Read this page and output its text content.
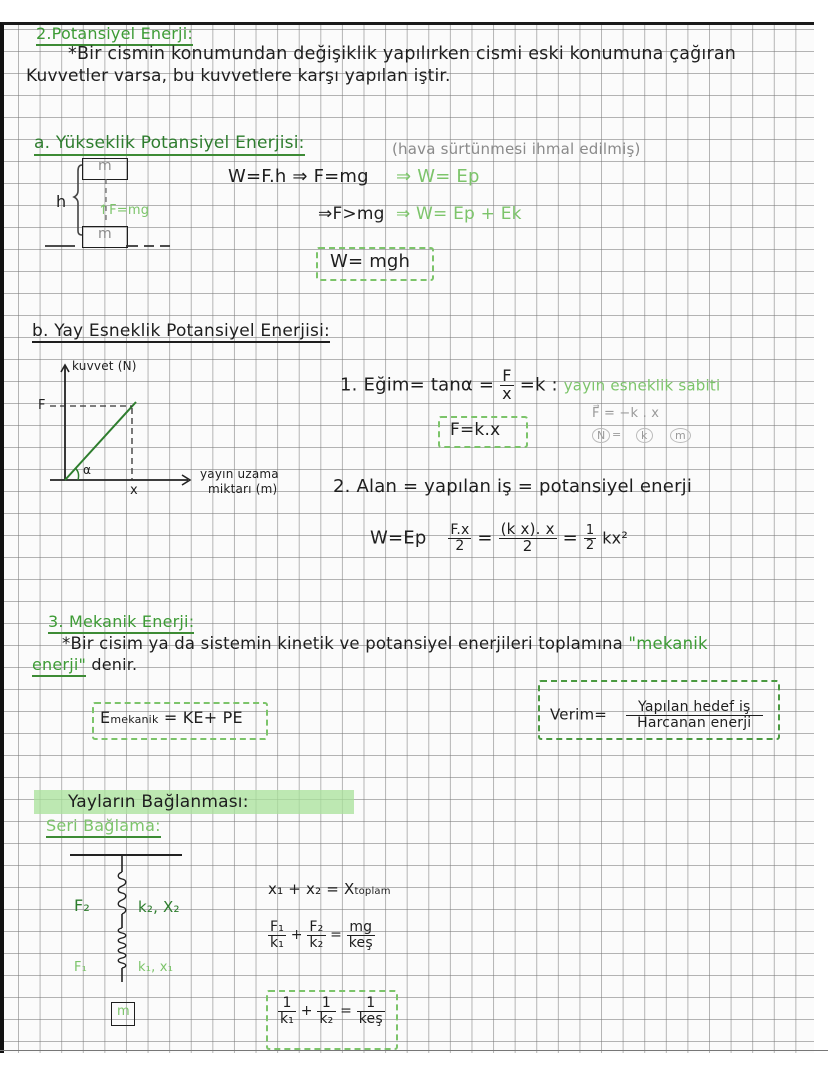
2.Potansiyel Enerji:
*Bir cismin konumundan değişiklik yapılırken cismi eski konumuna çağıran
Kuvvetler varsa, bu kuvvetlere karşı yapılan iştir.
a. Yükseklik Potansiyel Enerjisi:	(hava sürtünmesi ihmal edilmiş)
m
m
h ↑F=mg
W=F.h ⇒ F=mg ⇒ W= Ep
⇒F>mg ⇒ W= Ep + Ek
W= mgh
b. Yay Esneklik Potansiyel Enerjisi:
kuvvet (N)
F
x
α	yayın uzama
miktarı (m)
1. Eğim= $\tan\alpha = \frac{F}{x} =k$ : yayın esneklik sabiti
F=k.x
F⃗ = −k . x
N =	k	m
2. Alan = yapılan iş = potansiyel enerji
$W=Ep \frac{F.x}{2} = \frac{\text{(k x). x}}{2} = \frac{1}{2} kx^2$
3. Mekanik Enerji:
*Bir cisim ya da sistemin kinetik ve potansiyel enerjileri toplamına "mekanik
enerji" denir.
Emekanik = KE+ PE	Verim= $\frac{\text{Yapılan hedef iş}}{\text{Harcanan enerji}}$
Yayların Bağlanması:
Seri Bağlama:
m
F₂	k₂, X₂
F₁	k₁, x₁
x₁ + x₂ = Xtoplam
$\frac{\text{F₁}}{\text{k₁}} + \frac{\text{F₂}}{\text{k₂}} = \frac{mg}{\text{keş}}$
$\frac{1}{\text{k₁}} + \frac{1}{\text{k₂}} = \frac{1}{\text{keş}}$
